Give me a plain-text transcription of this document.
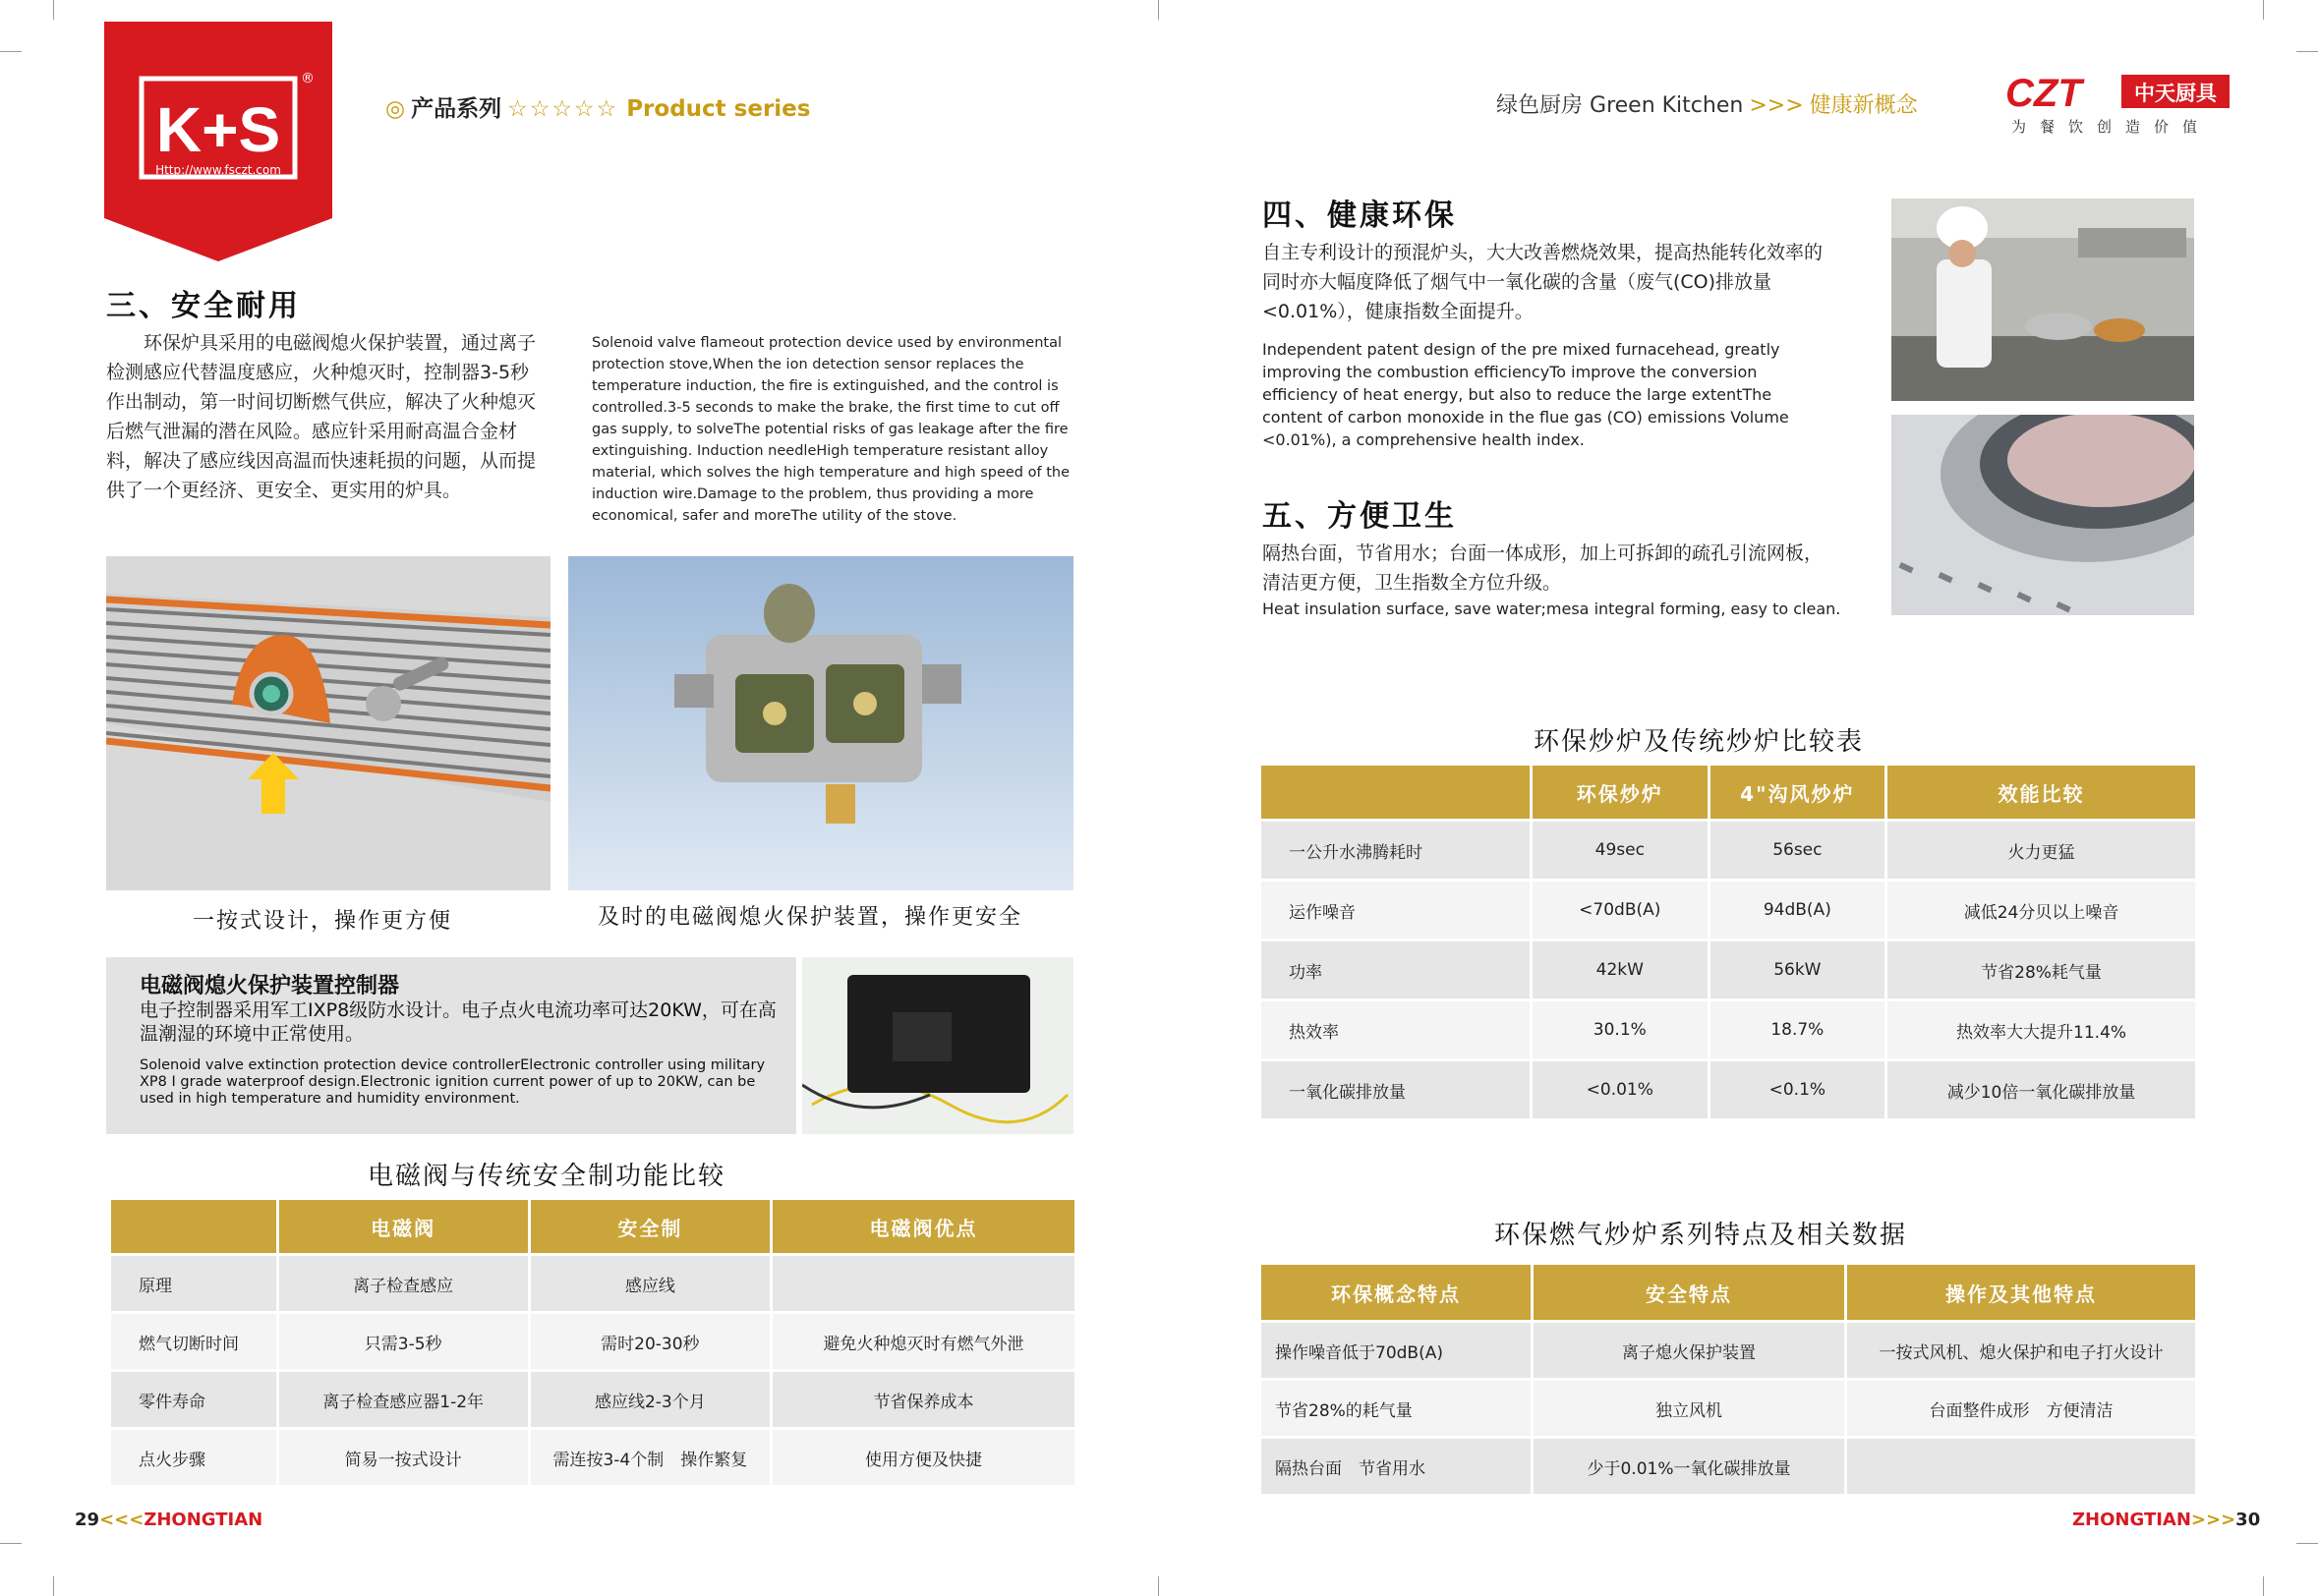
K+S
®
Http://www.fsczt.com
◎ 产品系列 ☆☆☆☆☆ Product series	绿色厨房 Green Kitchen >>> 健康新概念 CZT	中天厨具
为餐饮创造价值
三、安全耐用

环保炉具采用的电磁阀熄火保护装置，通过离子检测感应代替温度感应，火种熄灭时，控制器3-5秒作出制动，第一时间切断燃气供应，解决了火种熄灭后燃气泄漏的潜在风险。感应针采用耐高温合金材料，解决了感应线因高温而快速耗损的问题，从而提供了一个更经济、更安全、更实用的炉具。

Solenoid valve flameout protection device used by environmental protection stove,When the ion detection sensor replaces the temperature induction, the fire is extinguished, and the control is controlled.3-5 seconds to make the brake, the first time to cut off gas supply, to solveThe potential risks of gas leakage after the fire extinguishing. Induction needleHigh temperature resistant alloy material, which solves the high temperature and high speed of the induction wire.Damage to the problem, thus providing a more economical, safer and moreThe utility of the stove.

一按式设计，操作更方便	及时的电磁阀熄火保护装置，操作更安全
电磁阀熄火保护装置控制器
电子控制器采用军工IXP8级防水设计。电子点火电流功率可达20KW，可在高温潮湿的环境中正常使用。
Solenoid valve extinction protection device controllerElectronic controller using military XP8 I grade waterproof design.Electronic ignition current power of up to 20KW, can be used in high temperature and humidity environment.
电磁阀与传统安全制功能比较
	电磁阀	安全制	电磁阀优点
原理	离子检查感应	感应线	
燃气切断时间	只需3-5秒	需时20-30秒	避免火种熄灭时有燃气外泄
零件寿命	离子检查感应器1-2年	感应线2-3个月	节省保养成本
点火步骤	简易一按式设计	需连按3-4个制　操作繁复	使用方便及快捷
四、健康环保

自主专利设计的预混炉头，大大改善燃烧效果，提高热能转化效率的同时亦大幅度降低了烟气中一氧化碳的含量（废气(CO)排放量<0.01%），健康指数全面提升。

Independent patent design of the pre mixed furnacehead, greatly improving the combustion efficiencyTo improve the conversion efficiency of heat energy, but also to reduce the large extentThe content of carbon monoxide in the flue gas (CO) emissions Volume <0.01%), a comprehensive health index.

五、方便卫生

隔热台面，节省用水；台面一体成形，加上可拆卸的疏孔引流网板，清洁更方便，卫生指数全方位升级。

Heat insulation surface, save water;mesa integral forming, easy to clean.

环保炒炉及传统炒炉比较表
	环保炒炉	4"沟风炒炉	效能比较
一公升水沸腾耗时	49sec	56sec	火力更猛
运作噪音	<70dB(A)	94dB(A)	减低24分贝以上噪音
功率	42kW	56kW	节省28%耗气量
热效率	30.1%	18.7%	热效率大大提升11.4%
一氧化碳排放量	<0.01%	<0.1%	减少10倍一氧化碳排放量
环保燃气炒炉系列特点及相关数据
环保概念特点	安全特点	操作及其他特点
操作噪音低于70dB(A)	离子熄火保护装置	一按式风机、熄火保护和电子打火设计
节省28%的耗气量	独立风机	台面整件成形　方便清洁
隔热台面　节省用水	少于0.01%一氧化碳排放量	
29<<<ZHONGTIAN	ZHONGTIAN>>>30
